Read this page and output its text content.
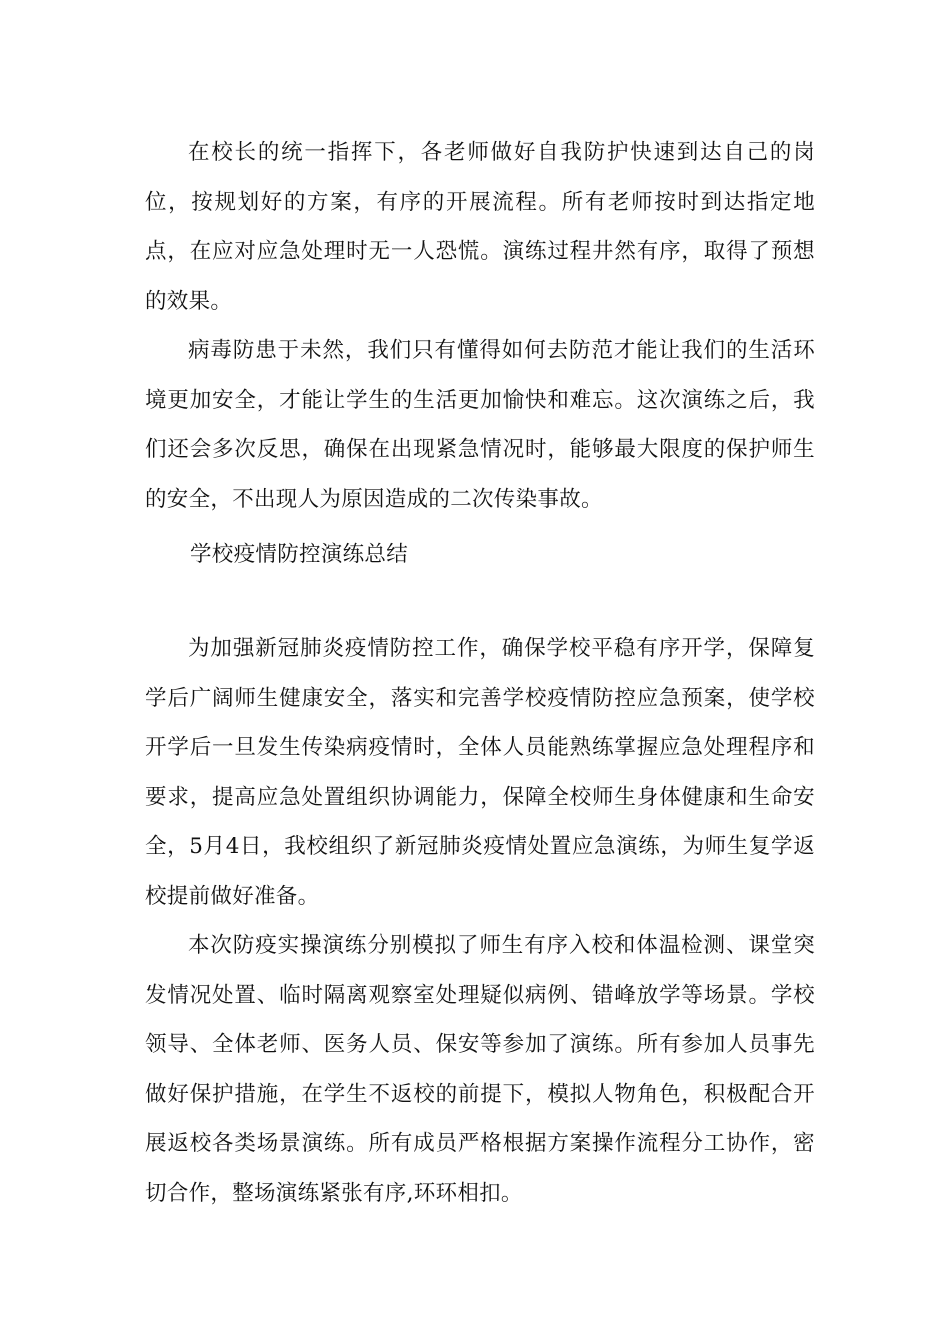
在校长的统一指挥下，各老师做好自我防护快速到达自己的岗位，按规划好的方案，有序的开展流程。所有老师按时到达指定地点，在应对应急处理时无一人恐慌。演练过程井然有序，取得了预想的效果。

病毒防患于未然，我们只有懂得如何去防范才能让我们的生活环境更加安全，才能让学生的生活更加愉快和难忘。这次演练之后，我们还会多次反思，确保在出现紧急情况时，能够最大限度的保护师生的安全，不出现人为原因造成的二次传染事故。

学校疫情防控演练总结

为加强新冠肺炎疫情防控工作，确保学校平稳有序开学，保障复学后广阔师生健康安全，落实和完善学校疫情防控应急预案，使学校开学后一旦发生传染病疫情时，全体人员能熟练掌握应急处理程序和要求，提高应急处置组织协调能力，保障全校师生身体健康和生命安全，5月4日，我校组织了新冠肺炎疫情处置应急演练，为师生复学返校提前做好准备。

本次防疫实操演练分别模拟了师生有序入校和体温检测、课堂突发情况处置、临时隔离观察室处理疑似病例、错峰放学等场景。学校领导、全体老师、医务人员、保安等参加了演练。所有参加人员事先做好保护措施，在学生不返校的前提下，模拟人物角色，积极配合开展返校各类场景演练。所有成员严格根据方案操作流程分工协作，密切合作，整场演练紧张有序,环环相扣。
